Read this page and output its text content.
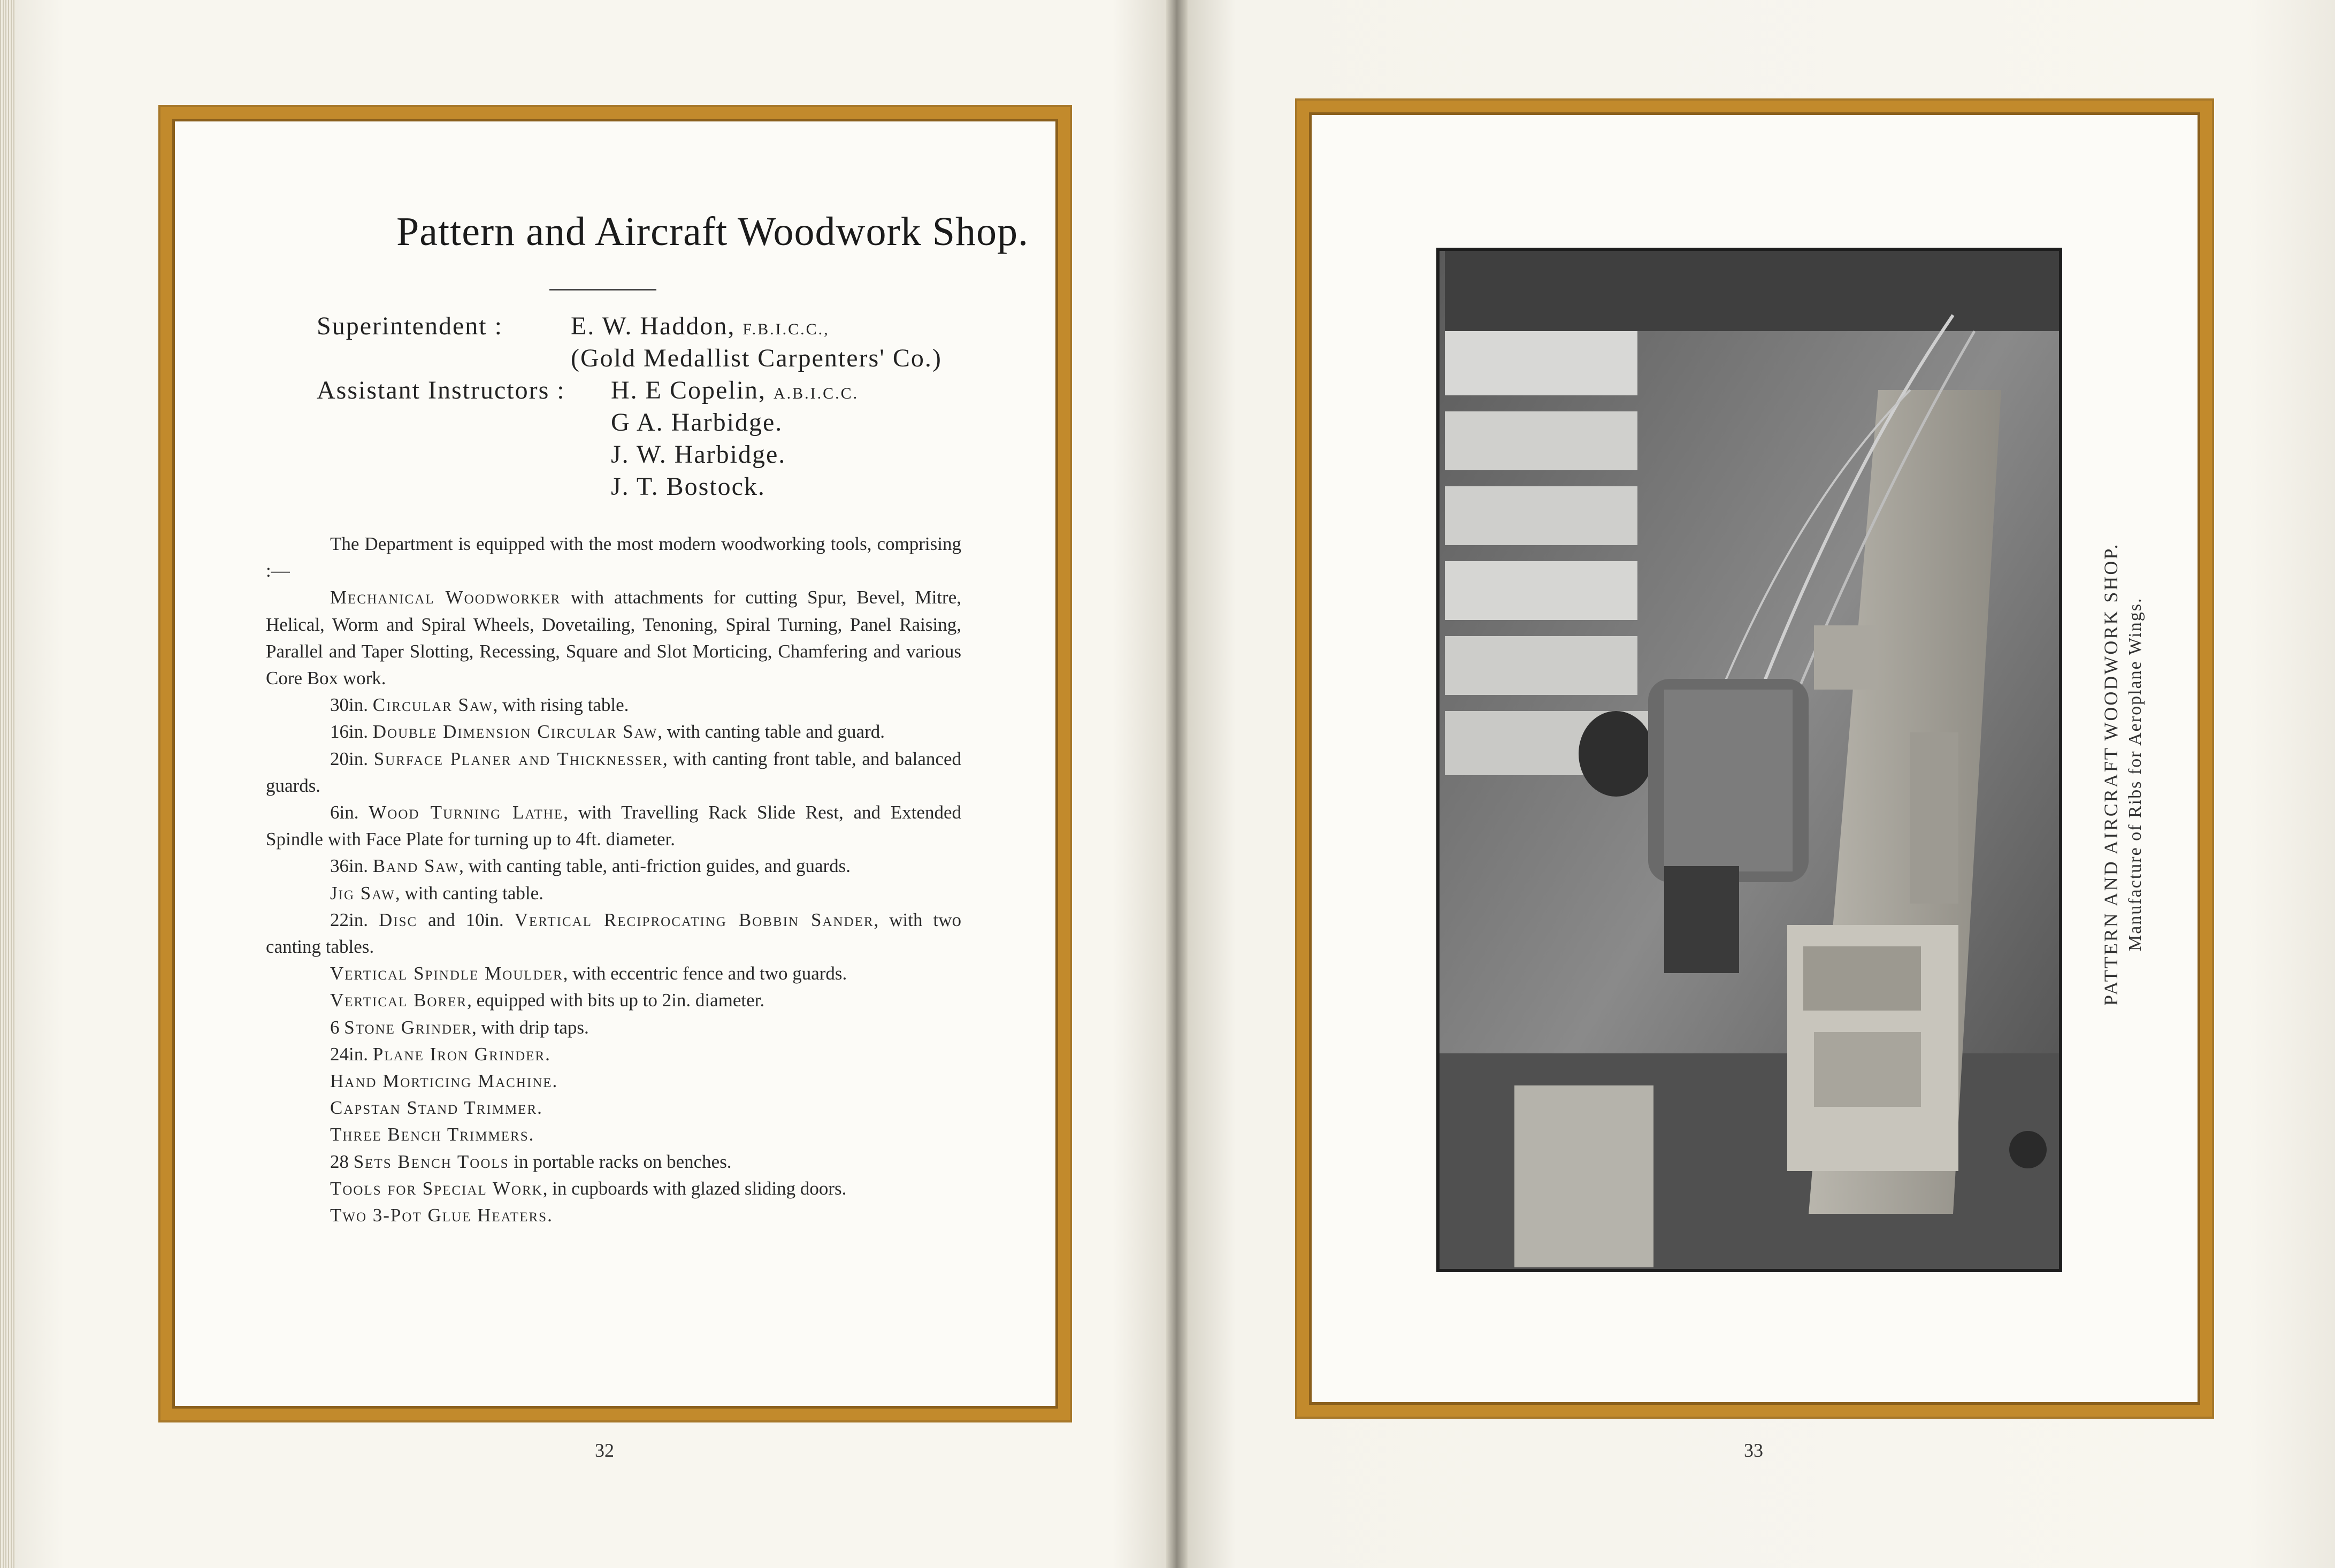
Pattern and Aircraft Woodwork Shop.
Superintendent :	E. W. Haddon, F.B.I.C.C.,
(Gold Medallist Carpenters' Co.)
Assistant Instructors : H. E Copelin, A.B.I.C.C.
G A. Harbidge.
J. W. Harbidge.
J. T. Bostock.

The Department is equipped with the most modern woodworking tools, comprising :—

Mechanical Woodworker with attachments for cutting Spur, Bevel, Mitre, Helical, Worm and Spiral Wheels, Dovetailing, Tenoning, Spiral Turning, Panel Raising, Parallel and Taper Slotting, Recessing, Square and Slot Morticing, Chamfering and various Core Box work.

30in. Circular Saw, with rising table.

16in. Double Dimension Circular Saw, with canting table and guard.

20in. Surface Planer and Thicknesser, with canting front table, and balanced guards.

6in. Wood Turning Lathe, with Travelling Rack Slide Rest, and Extended Spindle with Face Plate for turning up to 4ft. diameter.

36in. Band Saw, with canting table, anti-friction guides, and guards.

Jig Saw, with canting table.

22in. Disc and 10in. Vertical Reciprocating Bobbin Sander, with two canting tables.

Vertical Spindle Moulder, with eccentric fence and two guards.

Vertical Borer, equipped with bits up to 2in. diameter.

6 Stone Grinder, with drip taps.

24in. Plane Iron Grinder.

Hand Morticing Machine.

Capstan Stand Trimmer.

Three Bench Trimmers.

28 Sets Bench Tools in portable racks on benches.

Tools for Special Work, in cupboards with glazed sliding doors.

Two 3-Pot Glue Heaters.

32
PATTERN AND AIRCRAFT WOODWORK SHOP. Manufacture of Ribs for Aeroplane Wings.
33
